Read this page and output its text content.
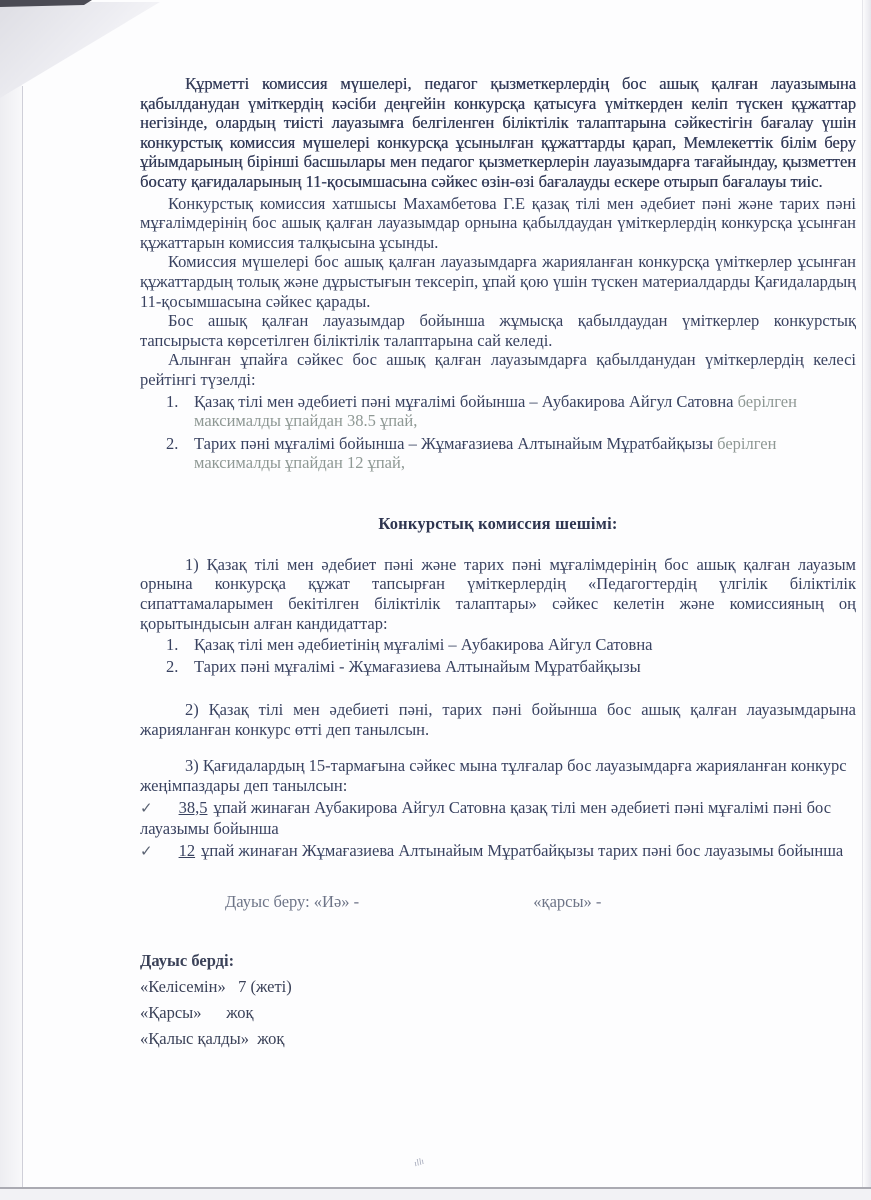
Құрметті комиссия мүшелері, педагог қызметкерлердің бос ашық қалған лауазымына қабылданудан үміткердің кәсіби деңгейін конкурсқа қатысуға үміткерден келіп түскен құжаттар негізінде, олардың тиісті лауазымға белгіленген біліктілік талаптарына сәйкестігін бағалау үшін конкурстық комиссия мүшелері конкурсқа ұсынылған құжаттарды қарап, Мемлекеттік білім беру ұйымдарының бірінші басшылары мен педагог қызметкерлерін лауазымдарға тағайындау, қызметтен босату қағидаларының 11-қосымшасына сәйкес өзін-өзі бағалауды ескере отырып бағалауы тиіс.

Конкурстық комиссия хатшысы Махамбетова Г.Е қазақ тілі мен әдебиет пәні және тарих пәні мұғалімдерінің бос ашық қалған лауазымдар орнына қабылдаудан үміткерлердің конкурсқа ұсынған құжаттарын комиссия талқысына ұсынды.

Комиссия мүшелері бос ашық қалған лауазымдарға жарияланған конкурсқа үміткерлер ұсынған құжаттардың толық және дұрыстығын тексеріп, ұпай қою үшін түскен материалдарды Қағидалардың 11-қосымшасына сәйкес қарады.

Бос ашық қалған лауазымдар бойынша жұмысқа қабылдаудан үміткерлер конкурстық тапсырыста көрсетілген біліктілік талаптарына сай келеді.

Алынған ұпайға сәйкес бос ашық қалған лауазымдарға қабылданудан үміткерлердің келесі рейтінгі түзелді:

1. Қазақ тілі мен әдебиеті пәні мұғалімі бойынша – Аубакирова Айгул Сатовна берілген максималды ұпайдан 38.5 ұпай,
2. Тарих пәні мұғалімі бойынша – Жұмағазиева Алтынайым Мұратбайқызы берілген максималды ұпайдан 12 ұпай,
Конкурстық комиссия шешімі:

1) Қазақ тілі мен әдебиет пәні және тарих пәні мұғалімдерінің бос ашық қалған лауазым орнына конкурсқа құжат тапсырған үміткерлердің «Педагогтердің үлгілік біліктілік сипаттамаларымен бекітілген біліктілік талаптары» сәйкес келетін және комиссияның оң қорытындысын алған кандидаттар:

1. Қазақ тілі мен әдебиетінің мұғалімі – Аубакирова Айгул Сатовна
2. Тарих пәні мұғалімі - Жұмағазиева Алтынайым Мұратбайқызы

2) Қазақ тілі мен әдебиеті пәні, тарих пәні бойынша бос ашық қалған лауазымдарына жарияланған конкурс өтті деп танылсын.

3) Қағидалардың 15-тармағына сәйкес мына тұлғалар бос лауазымдарға жарияланған конкурс жеңімпаздары деп танылсын:

✓ 38,5 ұпай жинаған Аубакирова Айгул Сатовна қазақ тілі мен әдебиеті пәні мұғалімі пәні бос лауазымы бойынша
✓ 12 ұпай жинаған Жұмағазиева Алтынайым Мұратбайқызы тарих пәні бос лауазымы бойынша
Дауыс беру: «Иә» -	«қарсы» -
Дауыс берді:
«Келісемін»   7 (жеті)
«Қарсы»      жоқ
«Қалыс қалды»  жоқ
ıllı
